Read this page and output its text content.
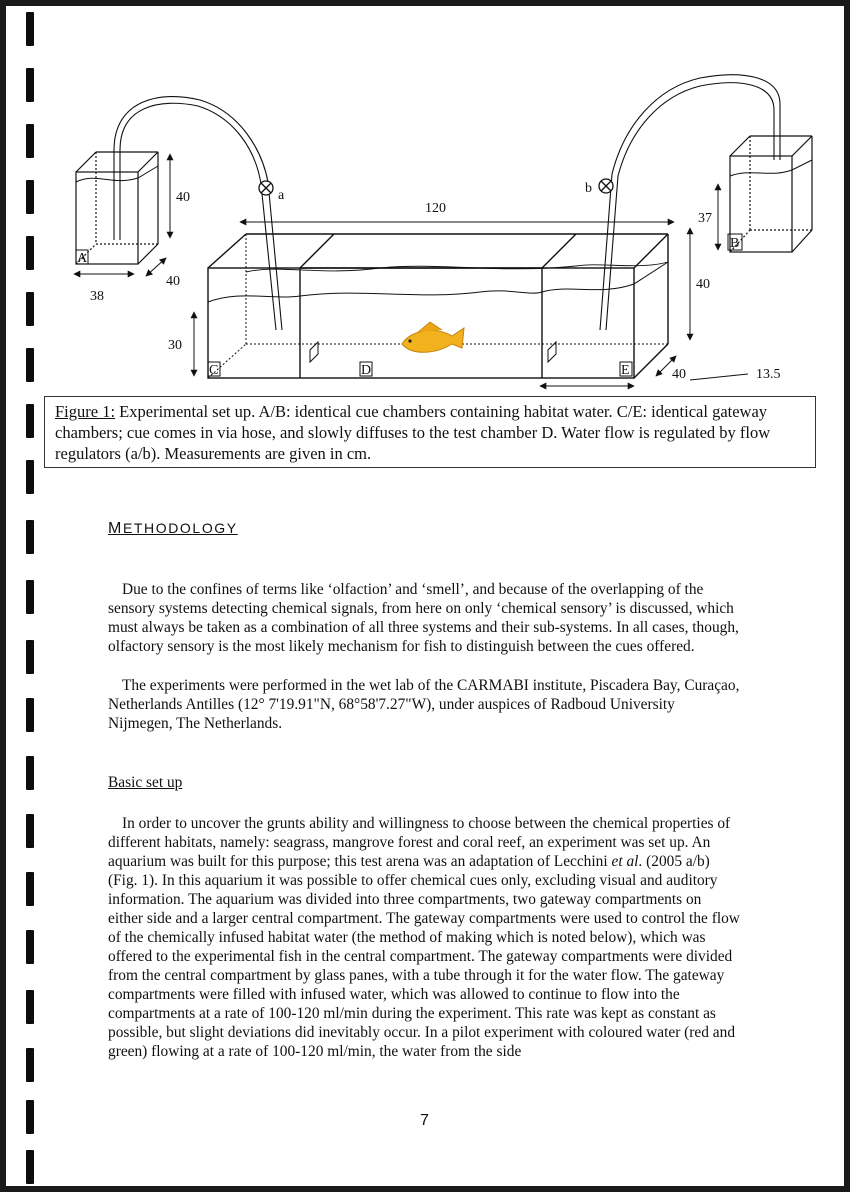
A
a
40
38
40
C	D	E
120
40
30
40	13.5
b
B
37
Figure 1: Experimental set up. A/B: identical cue chambers containing habitat water. C/E: identical gateway chambers; cue comes in via hose, and slowly diffuses to the test chamber D. Water flow is regulated by flow regulators (a/b). Measurements are given in cm.
METHODOLOGY

Due to the confines of terms like ‘olfaction’ and ‘smell’, and because of the overlapping of the sensory systems detecting chemical signals, from here on only ‘chemical sensory’ is discussed, which must always be taken as a combination of all three systems and their sub-systems. In all cases, though, olfactory sensory is the most likely mechanism for fish to distinguish between the cues offered.

The experiments were performed in the wet lab of the CARMABI institute, Piscadera Bay, Curaçao, Netherlands Antilles (12° 7'19.91"N, 68°58'7.27"W), under auspices of Radboud University Nijmegen, The Netherlands.

Basic set up

In order to uncover the grunts ability and willingness to choose between the chemical properties of different habitats, namely: seagrass, mangrove forest and coral reef, an experiment was set up. An aquarium was built for this purpose; this test arena was an adaptation of Lecchini et al. (2005 a/b) (Fig. 1). In this aquarium it was possible to offer chemical cues only, excluding visual and auditory information. The aquarium was divided into three compartments, two gateway compartments on either side and a larger central compartment. The gateway compartments were used to control the flow of the chemically infused habitat water (the method of making which is noted below), which was offered to the experimental fish in the central compartment. The gateway compartments were divided from the central compartment by glass panes, with a tube through it for the water flow. The gateway compartments were filled with infused water, which was allowed to continue to flow into the compartments at a rate of 100-120 ml/min during the experiment. This rate was kept as constant as possible, but slight deviations did inevitably occur. In a pilot experiment with coloured water (red and green) flowing at a rate of 100-120 ml/min, the water from the side

7
